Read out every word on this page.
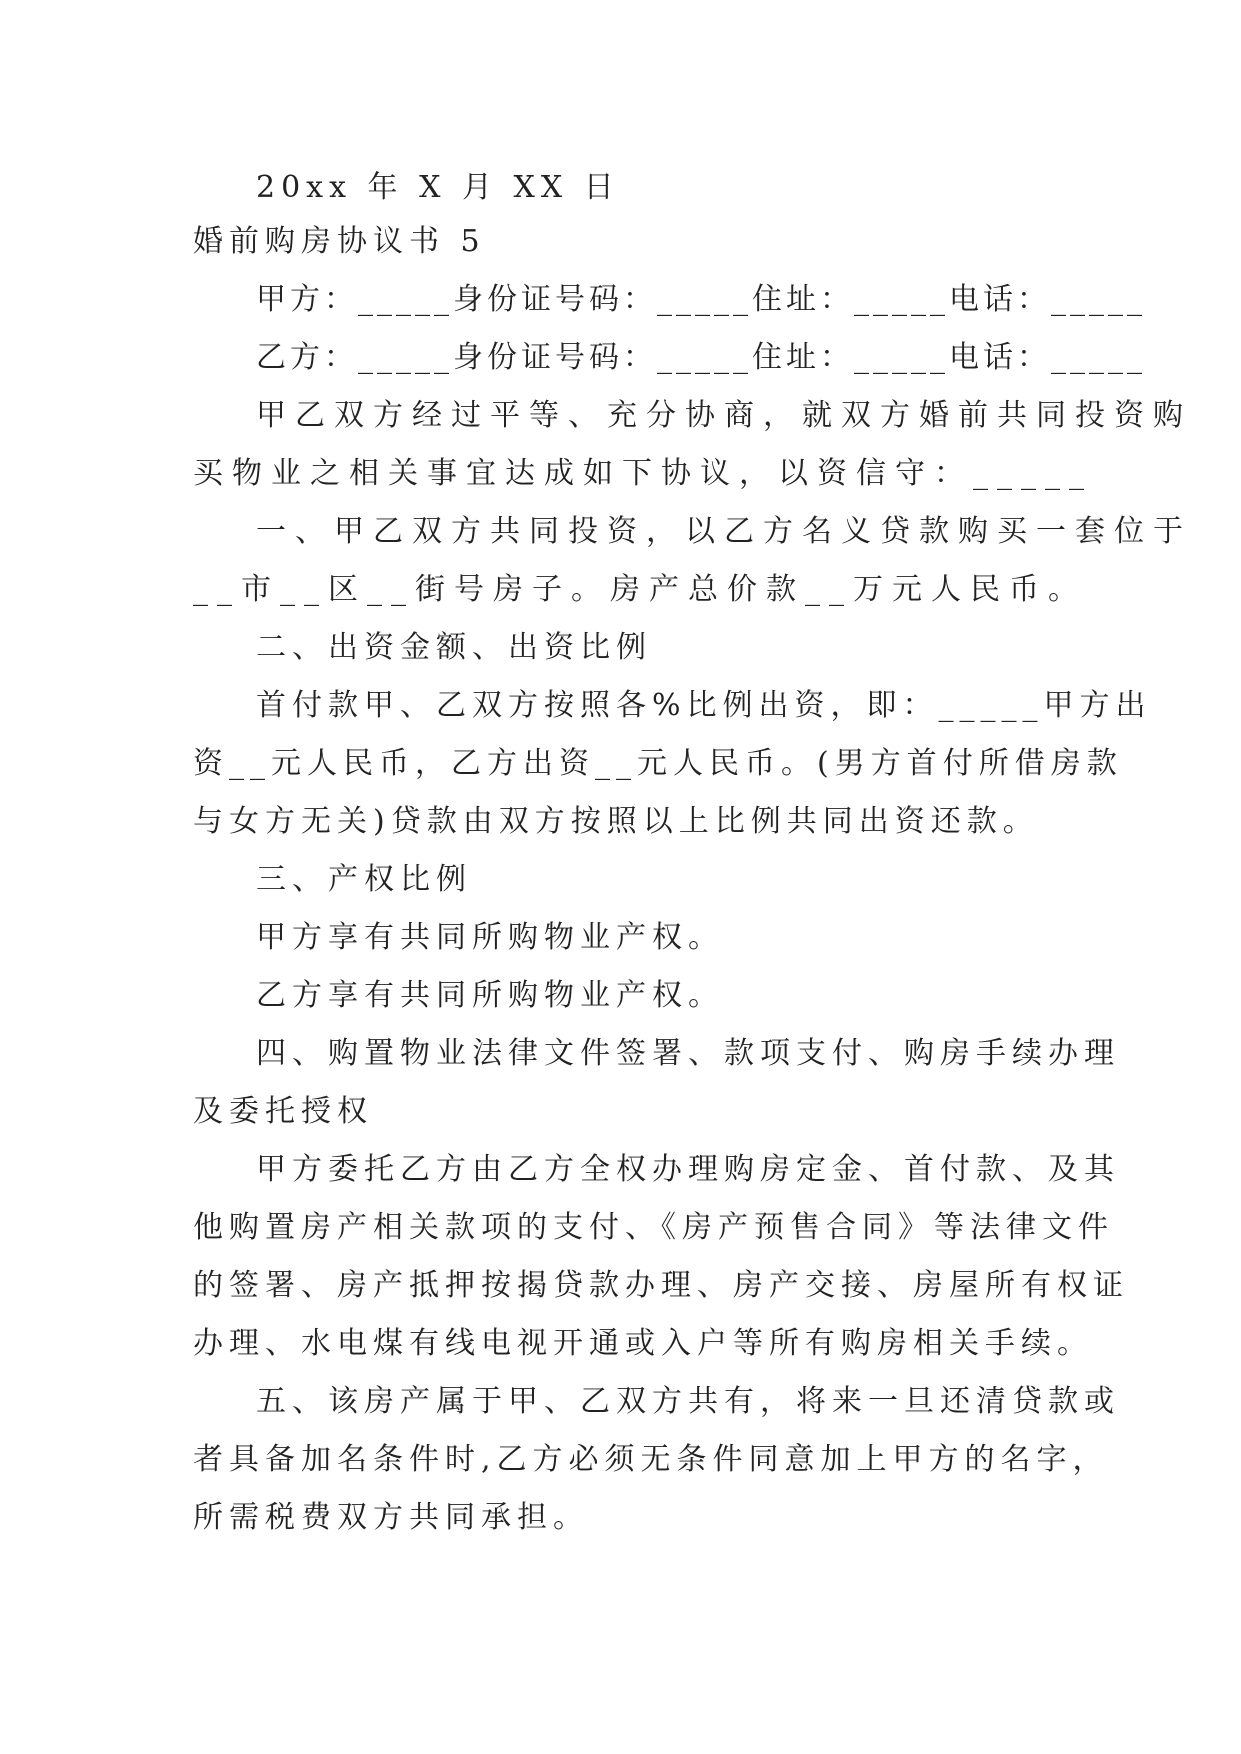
20xx 年 X 月 XX 日

婚前购房协议书 5

甲方：_____ 身份证号码：_____ 住址：_____ 电话：_____
乙方：_____ 身份证号码：_____ 住址：_____ 电话：_____

甲乙双方经过平等、充分协商，就双方婚前共同投资购

买物业之相关事宜达成如下协议，以资信守：_____

一、甲乙双方共同投资，以乙方名义贷款购买一套位于

__市__区__街号房子。房产总价款__万元人民币。

二、出资金额、出资比例

首付款甲、乙双方按照各%比例出资，即：_____甲方出

资__元人民币，乙方出资__元人民币。(男方首付所借房款

与女方无关)贷款由双方按照以上比例共同出资还款。

三、产权比例

甲方享有共同所购物业产权。

乙方享有共同所购物业产权。

四、购置物业法律文件签署、款项支付、购房手续办理

及委托授权

甲方委托乙方由乙方全权办理购房定金、首付款、及其

他购置房产相关款项的支付、《房产预售合同》等法律文件

的签署、房产抵押按揭贷款办理、房产交接、房屋所有权证

办理、水电煤有线电视开通或入户等所有购房相关手续。

五、该房产属于甲、乙双方共有，将来一旦还清贷款或

者具备加名条件时,乙方必须无条件同意加上甲方的名字，

所需税费双方共同承担。
